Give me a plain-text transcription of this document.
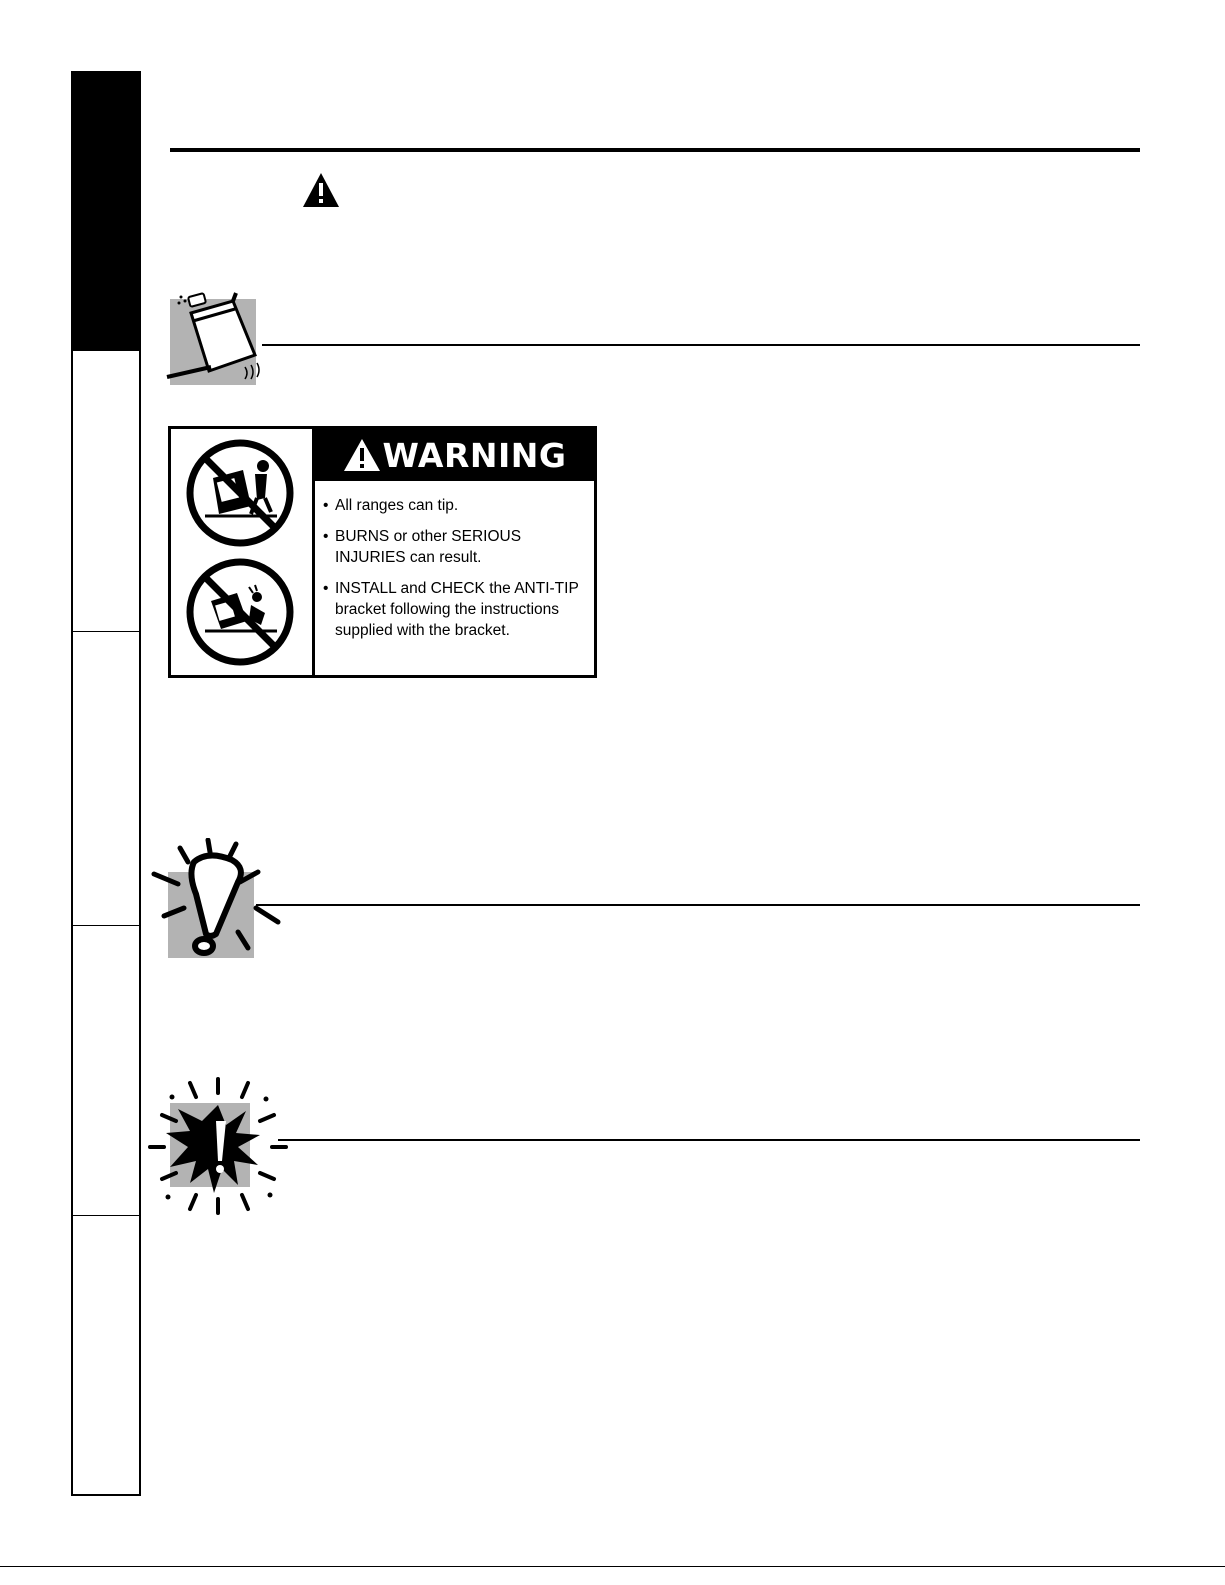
WARNING
• All ranges can tip.
• BURNS or other SERIOUS INJURIES can result.
• INSTALL and CHECK the ANTI-TIP bracket following the instructions supplied with the bracket.
